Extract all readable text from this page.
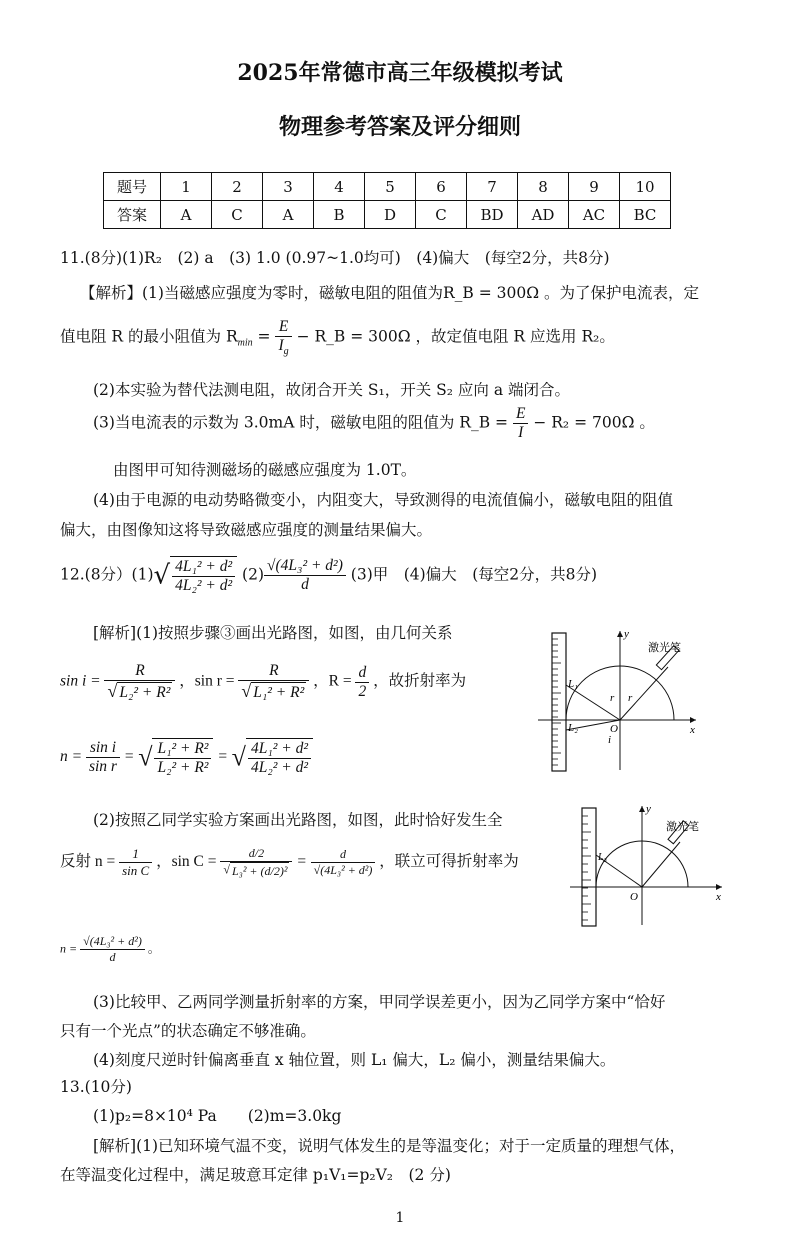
2025年常德市高三年级模拟考试
物理参考答案及评分细则
题号	1	2	3	4	5	6	7	8	9	10
答案	A	C	A	B	D	C	BD	AD	AC	BC
11.(8分)(1)R₂　(2) a　(3) 1.0 (0.97~1.0均可)　(4)偏大　(每空2分，共8分)
【解析】(1)当磁感应强度为零时，磁敏电阻的阻值为R_B = 300Ω 。为了保护电流表，定
值电阻 R 的最小阻值为 $R_{min} = \frac{E}{I_g}$ − R_B = 300Ω ，故定值电阻 R 应选用 R₂。
(2)本实验为替代法测电阻，故闭合开关 S₁，开关 S₂ 应向 a 端闭合。
(3)当电流表的示数为 3.0mA 时，磁敏电阻的阻值为 R_B = $\frac{E}{I} - R_2 = 700\Omega$ 。
由图甲可知待测磁场的磁感应强度为 1.0T。
(4)由于电源的电动势略微变小，内阻变大，导致测得的电流值偏小，磁敏电阻的阻值
偏大，由图像知这将导致磁感应强度的测量结果偏大。
12.(8分）$(1)√ \frac{\text{4L₁² + d²}}{\text{4L₂² + d²}} (2) \frac{\text{√(4L₃² + d²)}}{d} (3)$甲　(4)偏大　(每空2分，共8分)
[解析](1)按照步骤③画出光路图，如图，由几何关系
$\sin i = \frac{R}{\text{√ L₂² + R²}}$ ，$\sin r = \frac{R}{\text{√ L₁² + R²}}$ ，$R = \frac{d}{2}$ ，故折射率为
$n = \frac{\text{sin i}}{\text{sin r}}$ = √ $\frac{\text{L₁² + R²}}{\text{L₂² + R²}}$ = √ $\frac{\text{4L₁² + d²}}{\text{4L₂² + d²}}$
激光笔
y
x
O
i
r r
L₁
L₂
(2)按照乙同学实验方案画出光路图，如图，此时恰好发生全
反射 $n = \frac{1}{\text{sin C}}$ ，$\sin C = \frac{d/2}{\text{√ L₃² + (d/2)²}} = \frac{d}{\text{√(4L₃² + d²)}}$ ，联立可得折射率为
$n = \frac{\text{√(4L₃² + d²)}}{d}$ 。
激光笔
y
x
O
L₃
(3)比较甲、乙两同学测量折射率的方案，甲同学误差更小，因为乙同学方案中“恰好
只有一个光点”的状态确定不够准确。
(4)刻度尺逆时针偏离垂直 x 轴位置，则 L₁ 偏大，L₂ 偏小，测量结果偏大。
13.(10分)
(1)p₂=8×10⁴ Pa　　(2)m=3.0kg
[解析](1)已知环境气温不变，说明气体发生的是等温变化；对于一定质量的理想气体，
在等温变化过程中，满足玻意耳定律 p₁V₁=p₂V₂　(2 分)
1
